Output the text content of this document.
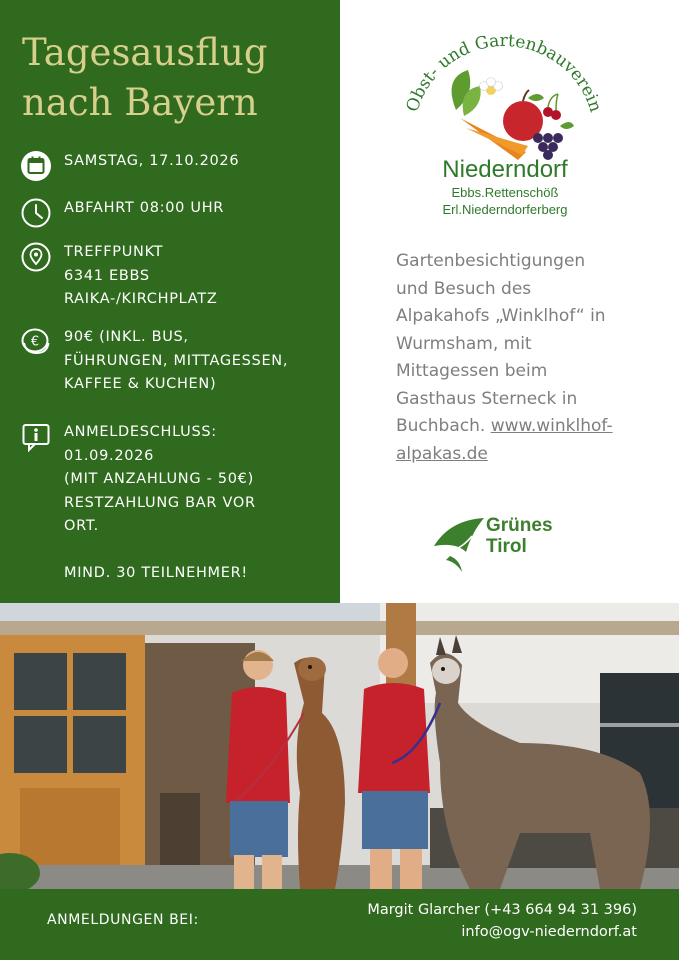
Tagesausflug
nach Bayern
SAMSTAG, 17.10.2026
ABFAHRT 08:00 UHR
TREFFPUNKT
6341 EBBS
RAIKA-/KIRCHPLATZ
€ 90€ (INKL. BUS,
FÜHRUNGEN, MITTAGESSEN,
KAFFEE & KUCHEN)
ANMELDESCHLUSS:
01.09.2026
(MIT ANZAHLUNG - 50€)
RESTZAHLUNG BAR VOR
ORT.
MIND. 30 TEILNEHMER!
Obst- und Gartenbauverein
Niederndorf
Ebbs.Rettenschöß
Erl.Niederndorferberg
Gartenbesichtigungen
und Besuch des
Alpakahofs „Winklhof“ in
Wurmsham, mit
Mittagessen beim
Gasthaus Sterneck in
Buchbach. www.winklhof-
alpakas.de
Grünes
Tirol
ANMELDUNGEN BEI:
Margit Glarcher (+43 664 94 31 396)
info@ogv-niederndorf.at
